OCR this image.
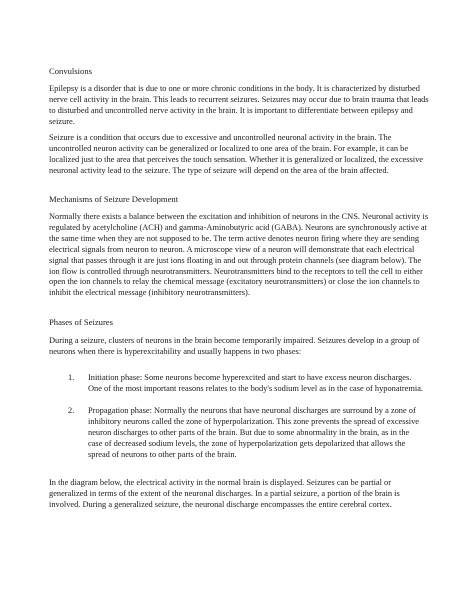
Convulsions

Epilepsy is a disorder that is due to one or more chronic conditions in the body. It is characterized by disturbed nerve cell activity in the brain. This leads to recurrent seizures. Seizures may occur due to brain trauma that leads to disturbed and uncontrolled nerve activity in the brain. It is important to differentiate between epilepsy and seizure.

Seizure is a condition that occurs due to excessive and uncontrolled neuronal activity in the brain. The uncontrolled neuron activity can be generalized or localized to one area of the brain. For example, it can be localized just to the area that perceives the touch sensation. Whether it is generalized or localized, the excessive neuronal activity lead to the seizure. The type of seizure will depend on the area of the brain affected.

Mechanisms of Seizure Development

Normally there exists a balance between the excitation and inhibition of neurons in the CNS. Neuronal activity is regulated by acetylcholine (ACH) and gamma-Aminobutyric acid (GABA). Neurons are synchronously active at the same time when they are not supposed to be. The term active denotes neuron firing where they are sending electrical signals from neuron to neuron. A microscope view of a neuron will demonstrate that each electrical signal that passes through it are just ions floating in and out through protein channels (see diagram below). The ion flow is controlled through neurotransmitters. Neurotransmitters bind to the receptors to tell the cell to either open the ion channels to relay the chemical message (excitatory neurotransmitters) or close the ion channels to inhibit the electrical message (inhibitory neurotransmitters).

Phases of Seizures

During a seizure, clusters of neurons in the brain become temporarily impaired. Seizures develop in a group of neurons when there is hyperexcitability and usually happens in two phases:

1.	Initiation phase: Some neurons become hyperexcited and start to have excess neuron discharges. One of the most important reasons relates to the body's sodium level as in the case of hyponatremia.
2.	Propagation phase: Normally the neurons that have neuronal discharges are surround by a zone of inhibitory neurons called the zone of hyperpolarization. This zone prevents the spread of excessive neuron discharges to other parts of the brain. But due to some abnormality in the brain, as in the case of decreased sodium levels, the zone of hyperpolarization gets depolarized that allows the spread of neurons to other parts of the brain.

In the diagram below, the electrical activity in the normal brain is displayed. Seizures can be partial or generalized in terms of the extent of the neuronal discharges. In a partial seizure, a portion of the brain is involved. During a generalized seizure, the neuronal discharge encompasses the entire cerebral cortex.
